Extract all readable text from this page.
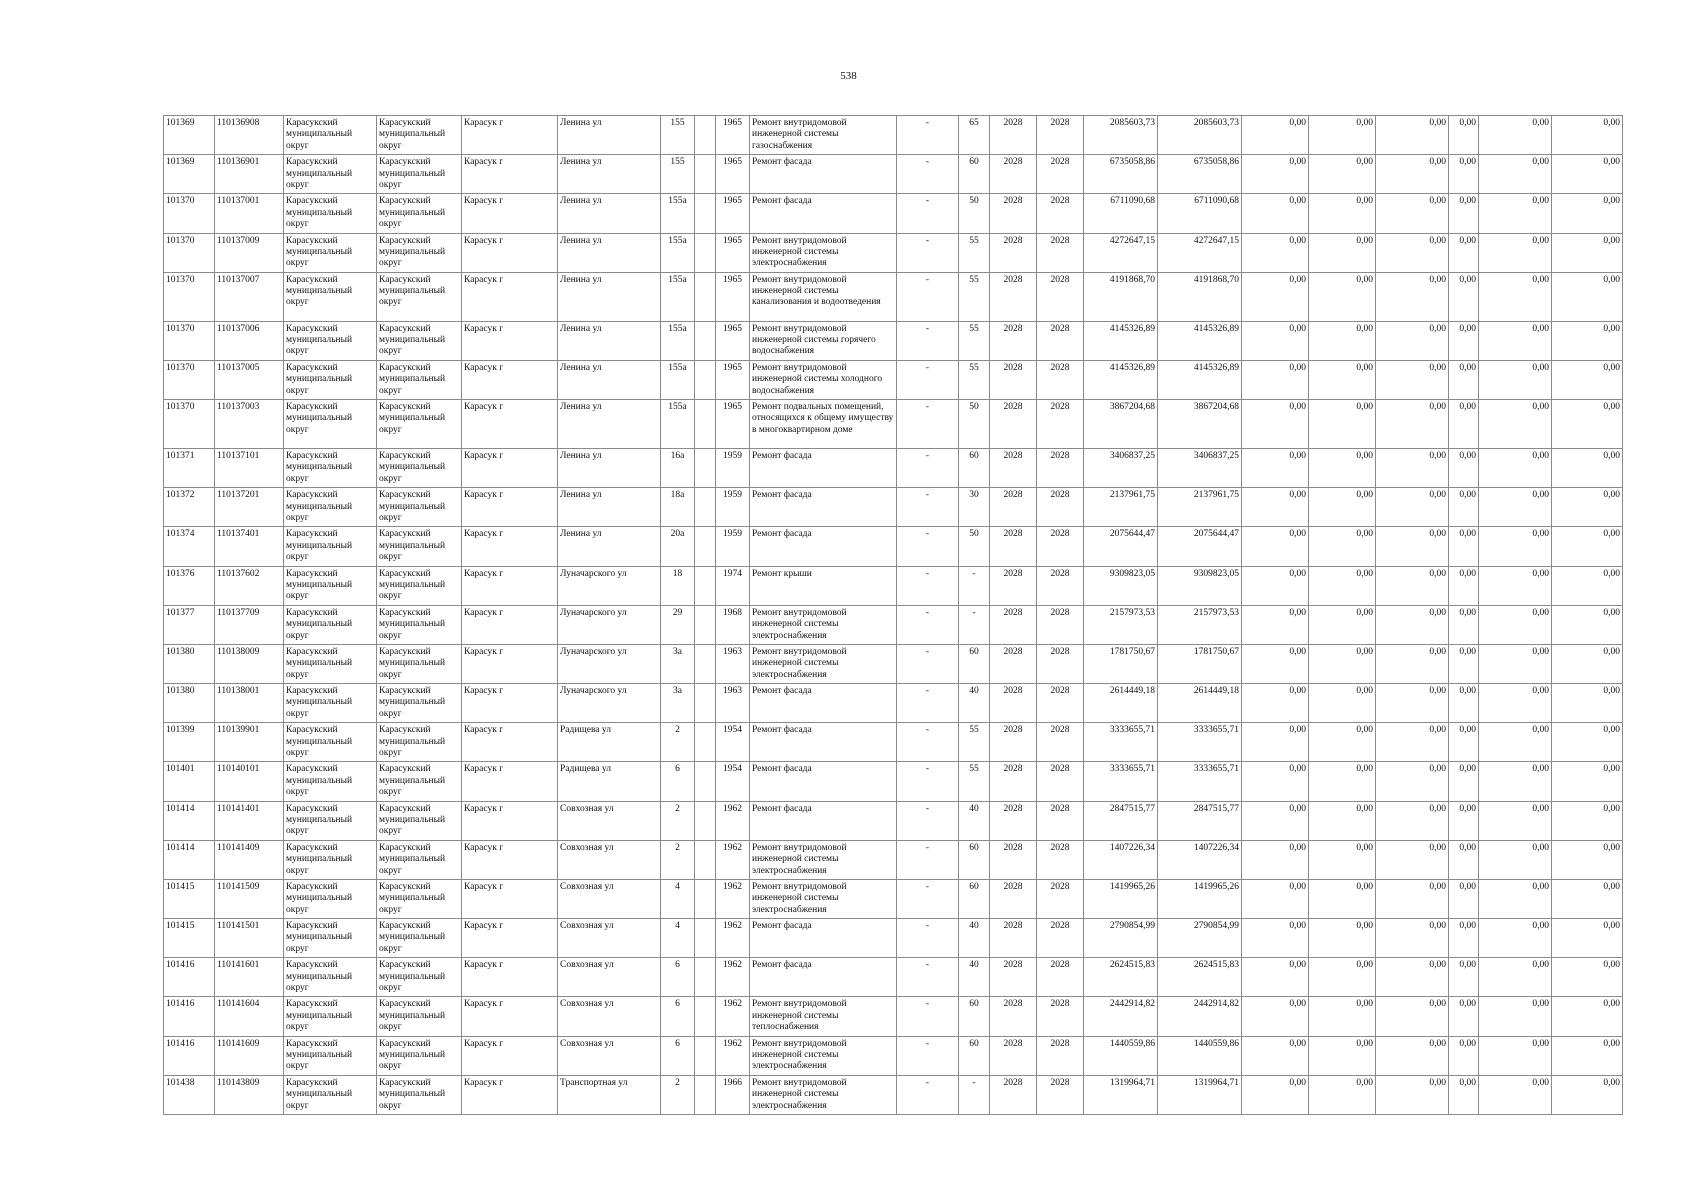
538
101369	110136908	Карасукский муниципальный округ	Карасукский муниципальный округ	Карасук г	Ленина ул	155		1965	Ремонт внутридомовой инженерной системы газоснабжения	-	65	2028	2028	2085603,73	2085603,73	0,00	0,00	0,00	0,00	0,00	0,00
101369	110136901	Карасукский муниципальный округ	Карасукский муниципальный округ	Карасук г	Ленина ул	155		1965	Ремонт фасада	-	60	2028	2028	6735058,86	6735058,86	0,00	0,00	0,00	0,00	0,00	0,00
101370	110137001	Карасукский муниципальный округ	Карасукский муниципальный округ	Карасук г	Ленина ул	155а		1965	Ремонт фасада	-	50	2028	2028	6711090,68	6711090,68	0,00	0,00	0,00	0,00	0,00	0,00
101370	110137009	Карасукский муниципальный округ	Карасукский муниципальный округ	Карасук г	Ленина ул	155а		1965	Ремонт внутридомовой инженерной системы электроснабжения	-	55	2028	2028	4272647,15	4272647,15	0,00	0,00	0,00	0,00	0,00	0,00
101370	110137007	Карасукский муниципальный округ	Карасукский муниципальный округ	Карасук г	Ленина ул	155а		1965	Ремонт внутридомовой инженерной системы канализования и водоотведения	-	55	2028	2028	4191868,70	4191868,70	0,00	0,00	0,00	0,00	0,00	0,00
101370	110137006	Карасукский муниципальный округ	Карасукский муниципальный округ	Карасук г	Ленина ул	155а		1965	Ремонт внутридомовой инженерной системы горячего водоснабжения	-	55	2028	2028	4145326,89	4145326,89	0,00	0,00	0,00	0,00	0,00	0,00
101370	110137005	Карасукский муниципальный округ	Карасукский муниципальный округ	Карасук г	Ленина ул	155а		1965	Ремонт внутридомовой инженерной системы холодного водоснабжения	-	55	2028	2028	4145326,89	4145326,89	0,00	0,00	0,00	0,00	0,00	0,00
101370	110137003	Карасукский муниципальный округ	Карасукский муниципальный округ	Карасук г	Ленина ул	155а		1965	Ремонт подвальных помещений, относящихся к общему имуществу в многоквартирном доме	-	50	2028	2028	3867204,68	3867204,68	0,00	0,00	0,00	0,00	0,00	0,00
101371	110137101	Карасукский муниципальный округ	Карасукский муниципальный округ	Карасук г	Ленина ул	16а		1959	Ремонт фасада	-	60	2028	2028	3406837,25	3406837,25	0,00	0,00	0,00	0,00	0,00	0,00
101372	110137201	Карасукский муниципальный округ	Карасукский муниципальный округ	Карасук г	Ленина ул	18а		1959	Ремонт фасада	-	30	2028	2028	2137961,75	2137961,75	0,00	0,00	0,00	0,00	0,00	0,00
101374	110137401	Карасукский муниципальный округ	Карасукский муниципальный округ	Карасук г	Ленина ул	20а		1959	Ремонт фасада	-	50	2028	2028	2075644,47	2075644,47	0,00	0,00	0,00	0,00	0,00	0,00
101376	110137602	Карасукский муниципальный округ	Карасукский муниципальный округ	Карасук г	Луначарского ул	18		1974	Ремонт крыши	-	-	2028	2028	9309823,05	9309823,05	0,00	0,00	0,00	0,00	0,00	0,00
101377	110137709	Карасукский муниципальный округ	Карасукский муниципальный округ	Карасук г	Луначарского ул	29		1968	Ремонт внутридомовой инженерной системы электроснабжения	-	-	2028	2028	2157973,53	2157973,53	0,00	0,00	0,00	0,00	0,00	0,00
101380	110138009	Карасукский муниципальный округ	Карасукский муниципальный округ	Карасук г	Луначарского ул	3а		1963	Ремонт внутридомовой инженерной системы электроснабжения	-	60	2028	2028	1781750,67	1781750,67	0,00	0,00	0,00	0,00	0,00	0,00
101380	110138001	Карасукский муниципальный округ	Карасукский муниципальный округ	Карасук г	Луначарского ул	3а		1963	Ремонт фасада	-	40	2028	2028	2614449,18	2614449,18	0,00	0,00	0,00	0,00	0,00	0,00
101399	110139901	Карасукский муниципальный округ	Карасукский муниципальный округ	Карасук г	Радищева ул	2		1954	Ремонт фасада	-	55	2028	2028	3333655,71	3333655,71	0,00	0,00	0,00	0,00	0,00	0,00
101401	110140101	Карасукский муниципальный округ	Карасукский муниципальный округ	Карасук г	Радищева ул	6		1954	Ремонт фасада	-	55	2028	2028	3333655,71	3333655,71	0,00	0,00	0,00	0,00	0,00	0,00
101414	110141401	Карасукский муниципальный округ	Карасукский муниципальный округ	Карасук г	Совхозная ул	2		1962	Ремонт фасада	-	40	2028	2028	2847515,77	2847515,77	0,00	0,00	0,00	0,00	0,00	0,00
101414	110141409	Карасукский муниципальный округ	Карасукский муниципальный округ	Карасук г	Совхозная ул	2		1962	Ремонт внутридомовой инженерной системы электроснабжения	-	60	2028	2028	1407226,34	1407226,34	0,00	0,00	0,00	0,00	0,00	0,00
101415	110141509	Карасукский муниципальный округ	Карасукский муниципальный округ	Карасук г	Совхозная ул	4		1962	Ремонт внутридомовой инженерной системы электроснабжения	-	60	2028	2028	1419965,26	1419965,26	0,00	0,00	0,00	0,00	0,00	0,00
101415	110141501	Карасукский муниципальный округ	Карасукский муниципальный округ	Карасук г	Совхозная ул	4		1962	Ремонт фасада	-	40	2028	2028	2790854,99	2790854,99	0,00	0,00	0,00	0,00	0,00	0,00
101416	110141601	Карасукский муниципальный округ	Карасукский муниципальный округ	Карасук г	Совхозная ул	6		1962	Ремонт фасада	-	40	2028	2028	2624515,83	2624515,83	0,00	0,00	0,00	0,00	0,00	0,00
101416	110141604	Карасукский муниципальный округ	Карасукский муниципальный округ	Карасук г	Совхозная ул	6		1962	Ремонт внутридомовой инженерной системы теплоснабжения	-	60	2028	2028	2442914,82	2442914,82	0,00	0,00	0,00	0,00	0,00	0,00
101416	110141609	Карасукский муниципальный округ	Карасукский муниципальный округ	Карасук г	Совхозная ул	6		1962	Ремонт внутридомовой инженерной системы электроснабжения	-	60	2028	2028	1440559,86	1440559,86	0,00	0,00	0,00	0,00	0,00	0,00
101438	110143809	Карасукский муниципальный округ	Карасукский муниципальный округ	Карасук г	Транспортная ул	2		1966	Ремонт внутридомовой инженерной системы электроснабжения	-	-	2028	2028	1319964,71	1319964,71	0,00	0,00	0,00	0,00	0,00	0,00
